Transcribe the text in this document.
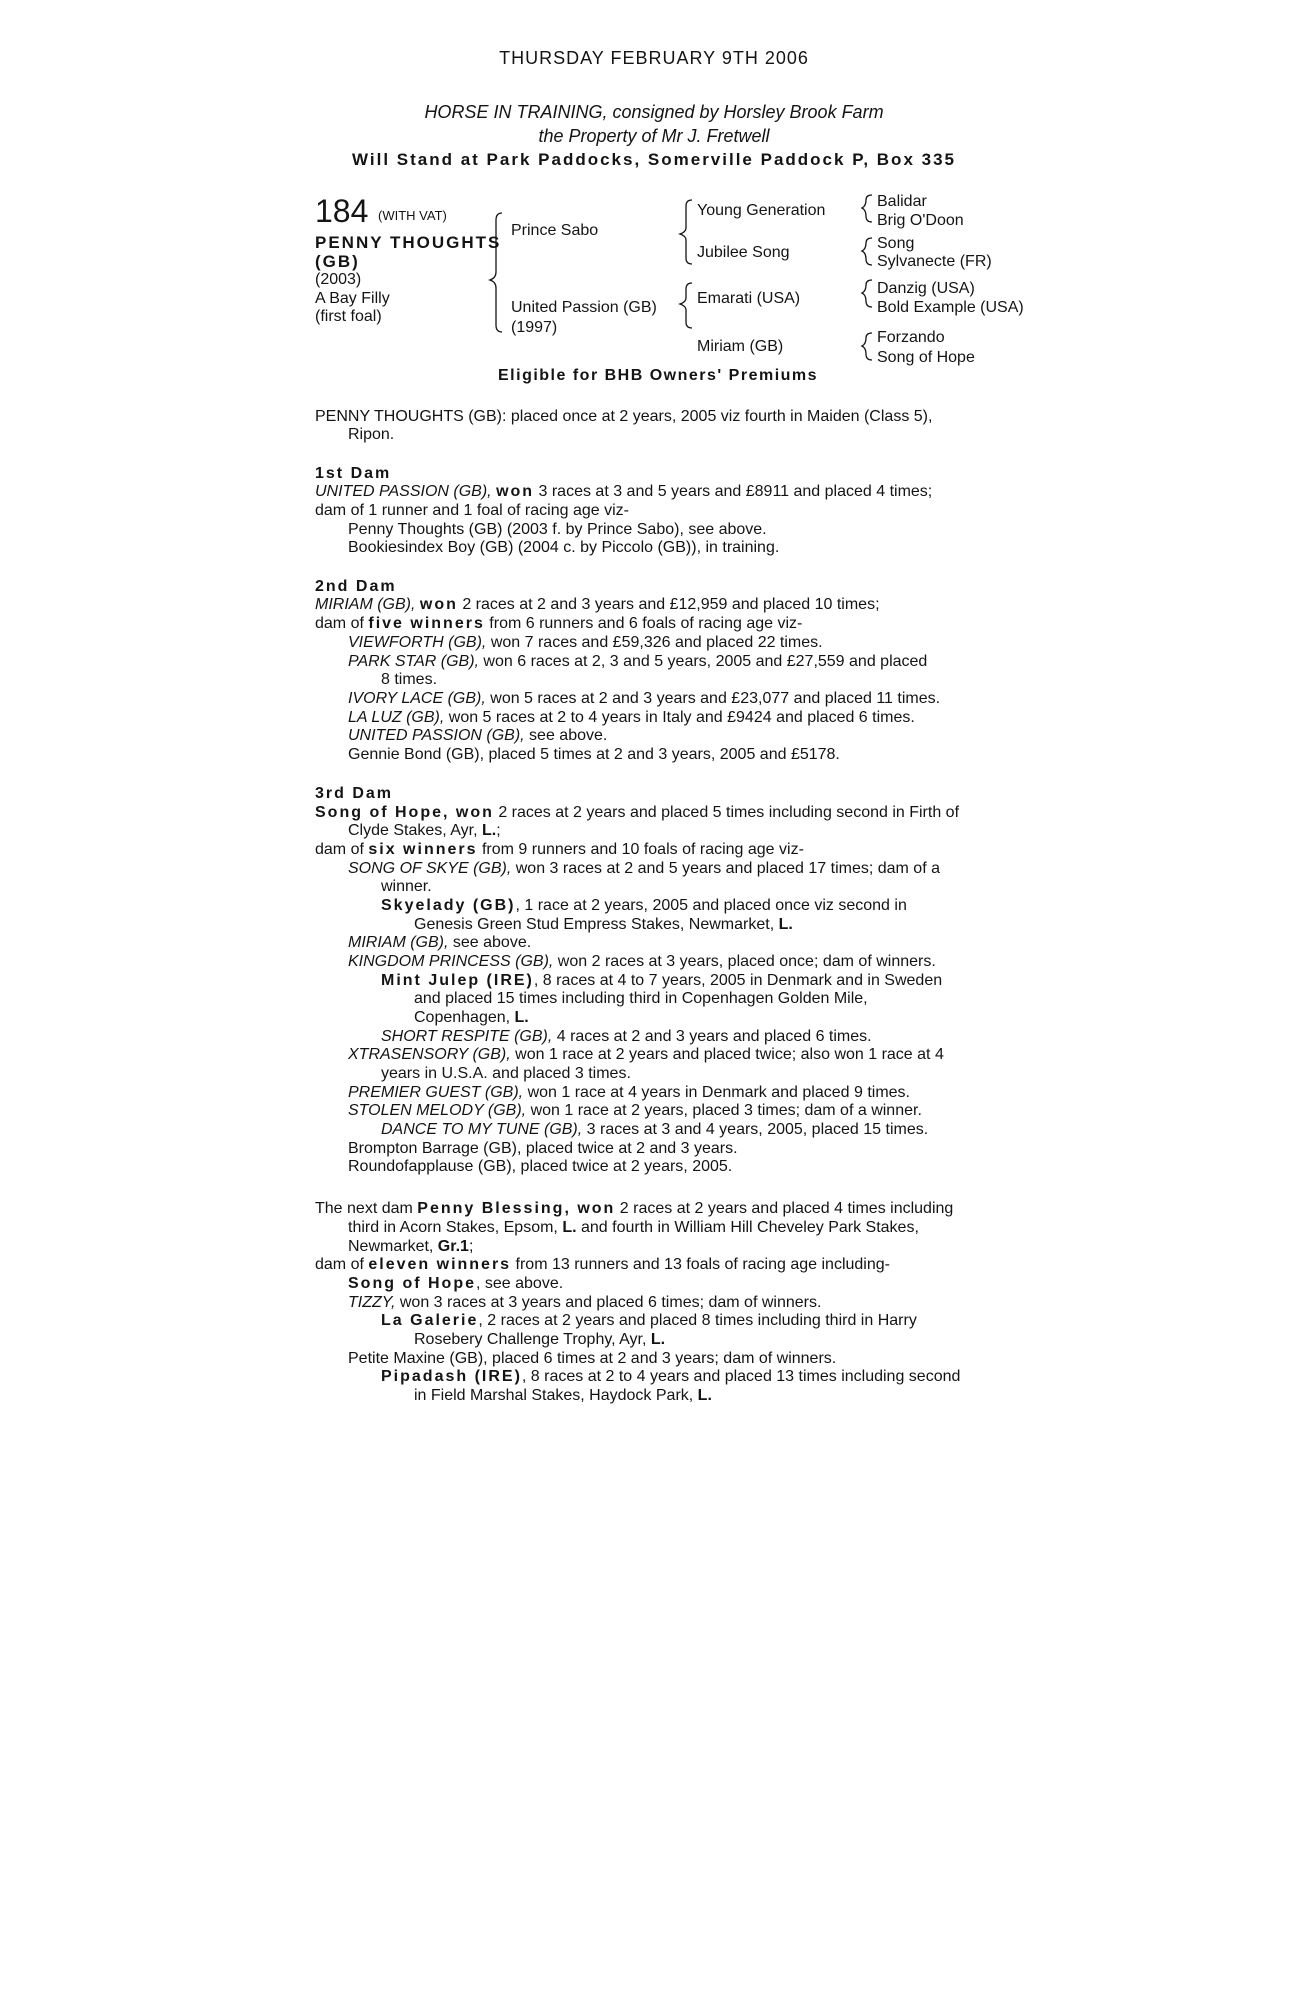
THURSDAY FEBRUARY 9TH 2006
HORSE IN TRAINING, consigned by Horsley Brook Farm
the Property of Mr J. Fretwell
Will Stand at Park Paddocks, Somerville Paddock P, Box 335
184 (WITH VAT)
PENNY THOUGHTS
(GB)
(2003)
A Bay Filly
(first foal)
Prince Sabo
United Passion (GB)
(1997)
Young Generation
Jubilee Song
Emarati (USA)
Miriam (GB)
Balidar
Brig O'Doon
Song
Sylvanecte (FR)
Danzig (USA)
Bold Example (USA)
Forzando
Song of Hope
Eligible for BHB Owners' Premiums
PENNY THOUGHTS (GB): placed once at 2 years, 2005 viz fourth in Maiden (Class 5),
Ripon.
1st Dam
UNITED PASSION (GB), won 3 races at 3 and 5 years and £8911 and placed 4 times;
dam of 1 runner and 1 foal of racing age viz-
Penny Thoughts (GB) (2003 f. by Prince Sabo), see above.
Bookiesindex Boy (GB) (2004 c. by Piccolo (GB)), in training.
2nd Dam
MIRIAM (GB), won 2 races at 2 and 3 years and £12,959 and placed 10 times;
dam of five winners from 6 runners and 6 foals of racing age viz-
VIEWFORTH (GB), won 7 races and £59,326 and placed 22 times.
PARK STAR (GB), won 6 races at 2, 3 and 5 years, 2005 and £27,559 and placed
8 times.
IVORY LACE (GB), won 5 races at 2 and 3 years and £23,077 and placed 11 times.
LA LUZ (GB), won 5 races at 2 to 4 years in Italy and £9424 and placed 6 times.
UNITED PASSION (GB), see above.
Gennie Bond (GB), placed 5 times at 2 and 3 years, 2005 and £5178.
3rd Dam
Song of Hope, won 2 races at 2 years and placed 5 times including second in Firth of
Clyde Stakes, Ayr, L.;
dam of six winners from 9 runners and 10 foals of racing age viz-
SONG OF SKYE (GB), won 3 races at 2 and 5 years and placed 17 times; dam of a
winner.
Skyelady (GB), 1 race at 2 years, 2005 and placed once viz second in
Genesis Green Stud Empress Stakes, Newmarket, L.
MIRIAM (GB), see above.
KINGDOM PRINCESS (GB), won 2 races at 3 years, placed once; dam of winners.
Mint Julep (IRE), 8 races at 4 to 7 years, 2005 in Denmark and in Sweden
and placed 15 times including third in Copenhagen Golden Mile,
Copenhagen, L.
SHORT RESPITE (GB), 4 races at 2 and 3 years and placed 6 times.
XTRASENSORY (GB), won 1 race at 2 years and placed twice; also won 1 race at 4
years in U.S.A. and placed 3 times.
PREMIER GUEST (GB), won 1 race at 4 years in Denmark and placed 9 times.
STOLEN MELODY (GB), won 1 race at 2 years, placed 3 times; dam of a winner.
DANCE TO MY TUNE (GB), 3 races at 3 and 4 years, 2005, placed 15 times.
Brompton Barrage (GB), placed twice at 2 and 3 years.
Roundofapplause (GB), placed twice at 2 years, 2005.
The next dam Penny Blessing, won 2 races at 2 years and placed 4 times including
third in Acorn Stakes, Epsom, L. and fourth in William Hill Cheveley Park Stakes,
Newmarket, Gr.1;
dam of eleven winners from 13 runners and 13 foals of racing age including-
Song of Hope, see above.
TIZZY, won 3 races at 3 years and placed 6 times; dam of winners.
La Galerie, 2 races at 2 years and placed 8 times including third in Harry
Rosebery Challenge Trophy, Ayr, L.
Petite Maxine (GB), placed 6 times at 2 and 3 years; dam of winners.
Pipadash (IRE), 8 races at 2 to 4 years and placed 13 times including second
in Field Marshal Stakes, Haydock Park, L.
